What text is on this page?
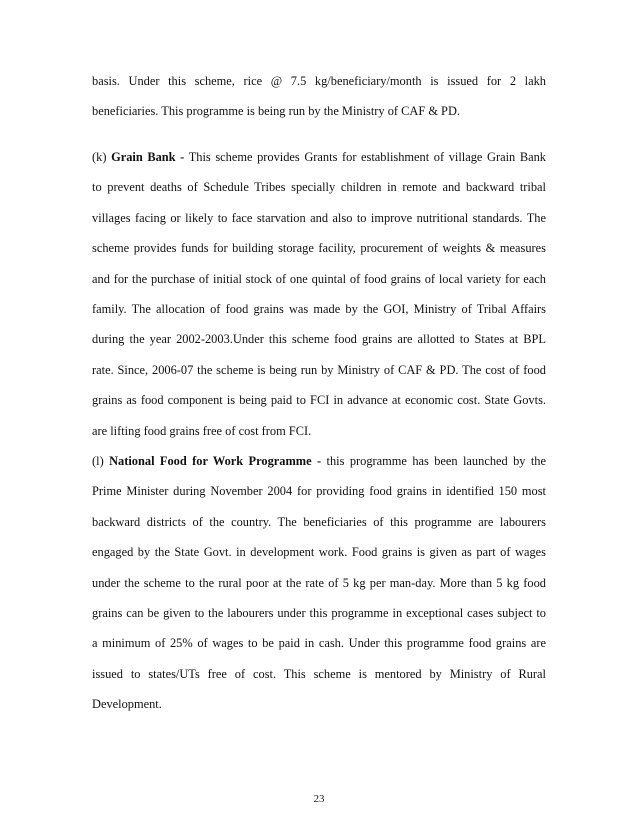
basis. Under this scheme, rice @ 7.5 kg/beneficiary/month is issued for 2 lakh
beneficiaries. This programme is being run by the Ministry of CAF & PD.
(k) Grain Bank - This scheme provides Grants for establishment of village Grain Bank
to prevent deaths of Schedule Tribes specially children in remote and backward tribal
villages facing or likely to face starvation and also to improve nutritional standards. The
scheme provides funds for building storage facility, procurement of weights & measures
and for the purchase of initial stock of one quintal of food grains of local variety for each
family. The allocation of food grains was made by the GOI, Ministry of Tribal Affairs
during the year 2002-2003.Under this scheme food grains are allotted to States at BPL
rate. Since, 2006-07 the scheme is being run by Ministry of CAF & PD. The cost of food
grains as food component is being paid to FCI in advance at economic cost. State Govts.
are lifting food grains free of cost from FCI.
(l) National Food for Work Programme - this programme has been launched by the
Prime Minister during November 2004 for providing food grains in identified 150 most
backward districts of the country. The beneficiaries of this programme are labourers
engaged by the State Govt. in development work. Food grains is given as part of wages
under the scheme to the rural poor at the rate of 5 kg per man-day. More than 5 kg food
grains can be given to the labourers under this programme in exceptional cases subject to
a minimum of 25% of wages to be paid in cash. Under this programme food grains are
issued to states/UTs free of cost. This scheme is mentored by Ministry of Rural
Development.
23
